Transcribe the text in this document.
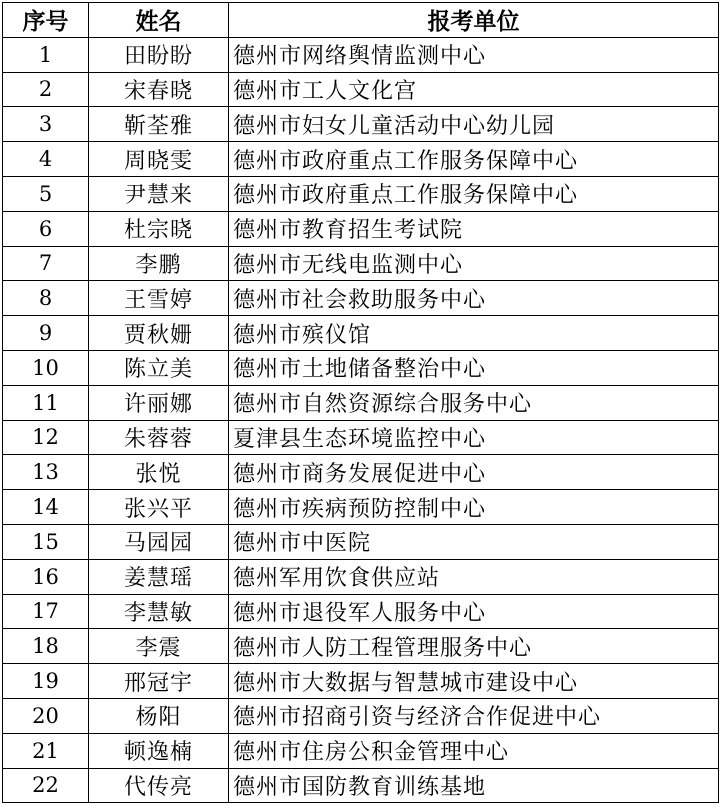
序号	姓名	报考单位
1	田盼盼	德州市网络舆情监测中心
2	宋春晓	德州市工人文化宫
3	靳荃雅	德州市妇女儿童活动中心幼儿园
4	周晓雯	德州市政府重点工作服务保障中心
5	尹慧来	德州市政府重点工作服务保障中心
6	杜宗晓	德州市教育招生考试院
7	李鹏	德州市无线电监测中心
8	王雪婷	德州市社会救助服务中心
9	贾秋姗	德州市殡仪馆
10	陈立美	德州市土地储备整治中心
11	许丽娜	德州市自然资源综合服务中心
12	朱蓉蓉	夏津县生态环境监控中心
13	张悦	德州市商务发展促进中心
14	张兴平	德州市疾病预防控制中心
15	马园园	德州市中医院
16	姜慧瑶	德州军用饮食供应站
17	李慧敏	德州市退役军人服务中心
18	李震	德州市人防工程管理服务中心
19	邢冠宇	德州市大数据与智慧城市建设中心
20	杨阳	德州市招商引资与经济合作促进中心
21	顿逸楠	德州市住房公积金管理中心
22	代传亮	德州市国防教育训练基地
